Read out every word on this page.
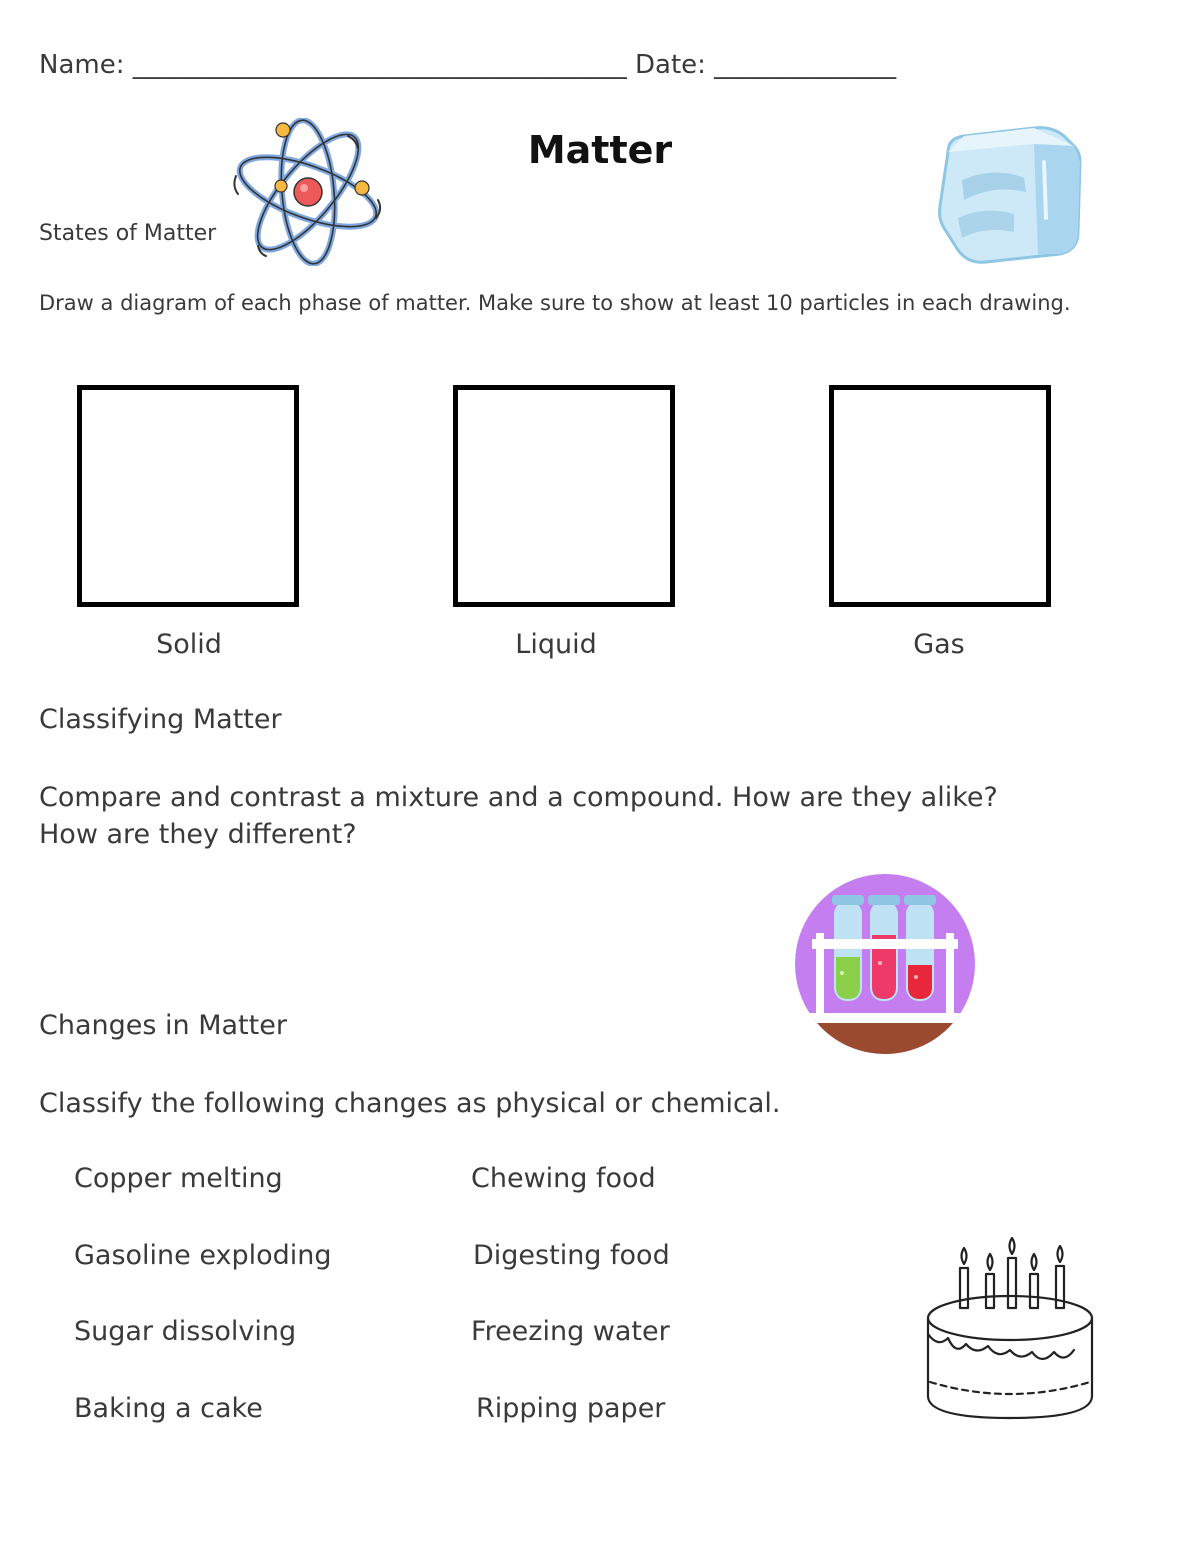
Name: ______________________________________ Date: ______________
Matter
States of Matter
Draw a diagram of each phase of matter. Make sure to show at least 10 particles in each drawing.
Solid	Liquid	Gas
Classifying Matter
Compare and contrast a mixture and a compound. How are they alike?
How are they different?
Changes in Matter
Classify the following changes as physical or chemical.
Copper melting
Gasoline exploding
Sugar dissolving
Baking a cake
Chewing food
Digesting food
Freezing water
Ripping paper
